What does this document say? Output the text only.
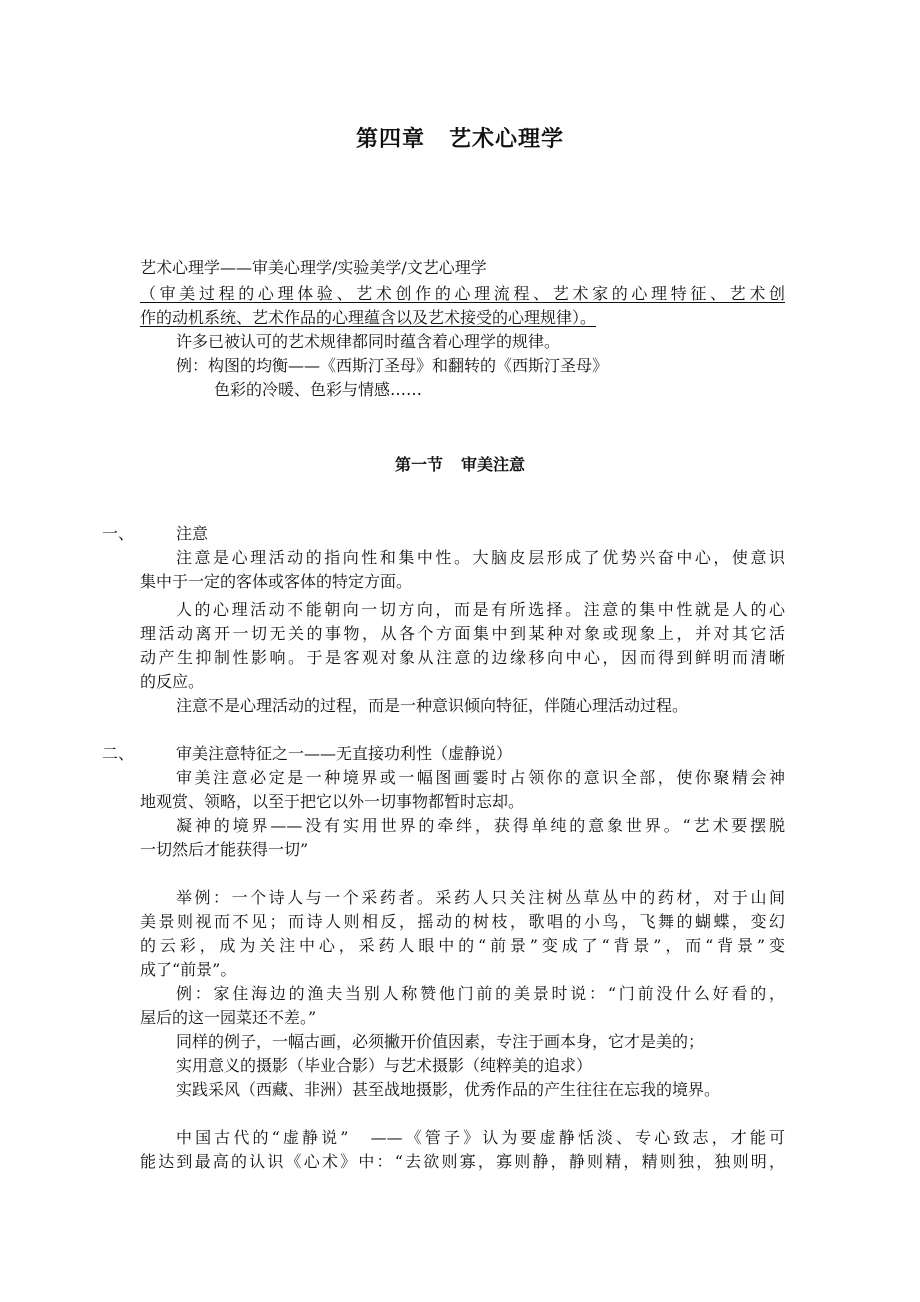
第四章 艺术心理学
艺术心理学——审美心理学/实验美学/文艺心理学
（审美过程的心理体验、艺术创作的心理流程、艺术家的心理特征、艺术创
作的动机系统、艺术作品的心理蕴含以及艺术接受的心理规律）。
许多已被认可的艺术规律都同时蕴含着心理学的规律。
例：构图的均衡——《西斯汀圣母》和翻转的《西斯汀圣母》
色彩的冷暖、色彩与情感……
第一节 审美注意
一、	注意
注意是心理活动的指向性和集中性。大脑皮层形成了优势兴奋中心，使意识
集中于一定的客体或客体的特定方面。
人的心理活动不能朝向一切方向，而是有所选择。注意的集中性就是人的心
理活动离开一切无关的事物，从各个方面集中到某种对象或现象上，并对其它活
动产生抑制性影响。于是客观对象从注意的边缘移向中心，因而得到鲜明而清晰
的反应。
注意不是心理活动的过程，而是一种意识倾向特征，伴随心理活动过程。
二、	审美注意特征之一——无直接功利性（虚静说）
审美注意必定是一种境界或一幅图画霎时占领你的意识全部，使你聚精会神
地观赏、领略，以至于把它以外一切事物都暂时忘却。
凝神的境界——没有实用世界的牵绊，获得单纯的意象世界。“艺术要摆脱
一切然后才能获得一切”
举例：一个诗人与一个采药者。采药人只关注树丛草丛中的药材，对于山间
美景则视而不见；而诗人则相反，摇动的树枝，歌唱的小鸟，飞舞的蝴蝶，变幻
的云彩，成为关注中心，采药人眼中的“前景”变成了“背景”，而“背景”变
成了“前景”。
例：家住海边的渔夫当别人称赞他门前的美景时说：“门前没什么好看的，
屋后的这一园菜还不差。”
同样的例子，一幅古画，必须撇开价值因素，专注于画本身，它才是美的；
实用意义的摄影（毕业合影）与艺术摄影（纯粹美的追求）
实践采风（西藏、非洲）甚至战地摄影，优秀作品的产生往往在忘我的境界。
中国古代的“虚静说”　——《管子》认为要虚静恬淡、专心致志，才能可
能达到最高的认识《心术》中：“去欲则寡，寡则静，静则精，精则独，独则明，
